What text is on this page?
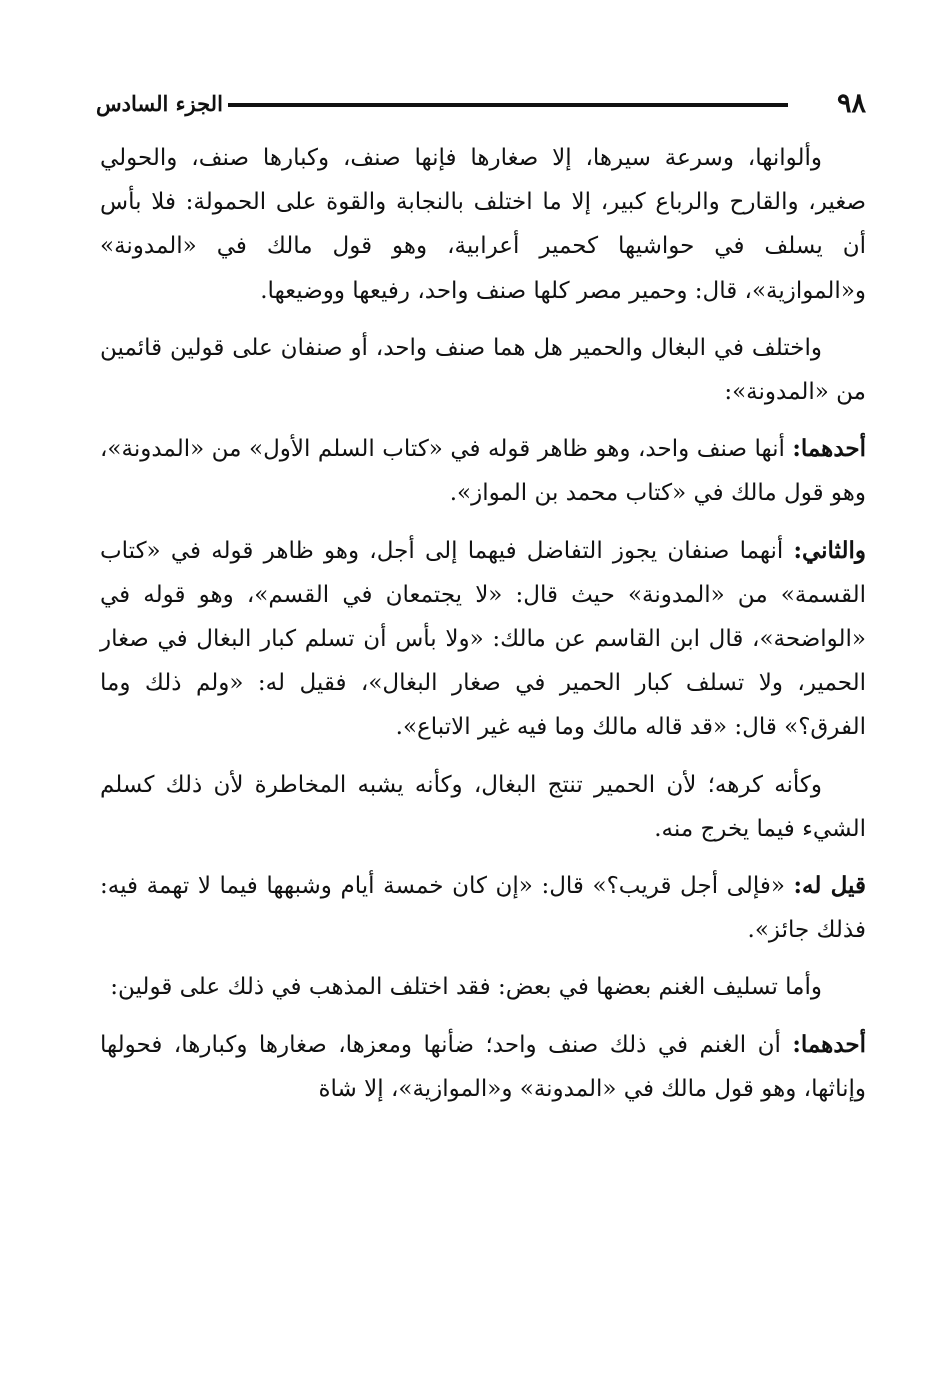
٩٨
الجزء السادس

وألوانها، وسرعة سيرها، إلا صغارها فإنها صنف، وكبارها صنف، والحولي صغير، والقارح والرباع كبير، إلا ما اختلف بالنجابة والقوة على الحمولة: فلا بأس أن يسلف في حواشيها كحمير أعرابية، وهو قول مالك في «المدونة» و«الموازية»، قال: وحمير مصر كلها صنف واحد، رفيعها ووضيعها.

واختلف في البغال والحمير هل هما صنف واحد، أو صنفان على قولين قائمين من «المدونة»:

أحدهما: أنها صنف واحد، وهو ظاهر قوله في «كتاب السلم الأول» من «المدونة»، وهو قول مالك في «كتاب محمد بن المواز».

والثاني: أنهما صنفان يجوز التفاضل فيهما إلى أجل، وهو ظاهر قوله في «كتاب القسمة» من «المدونة» حيث قال: «لا يجتمعان في القسم»، وهو قوله في «الواضحة»، قال ابن القاسم عن مالك: «ولا بأس أن تسلم كبار البغال في صغار الحمير، ولا تسلف كبار الحمير في صغار البغال»، فقيل له: «ولم ذلك وما الفرق؟» قال: «قد قاله مالك وما فيه غير الاتباع».

وكأنه كرهه؛ لأن الحمير تنتج البغال، وكأنه يشبه المخاطرة لأن ذلك كسلم الشيء فيما يخرج منه.

قيل له: «فإلى أجل قريب؟» قال: «إن كان خمسة أيام وشبهها فيما لا تهمة فيه: فذلك جائز».

وأما تسليف الغنم بعضها في بعض: فقد اختلف المذهب في ذلك على قولين:

أحدهما: أن الغنم في ذلك صنف واحد؛ ضأنها ومعزها، صغارها وكبارها، فحولها وإناثها، وهو قول مالك في «المدونة» و«الموازية»، إلا شاة
